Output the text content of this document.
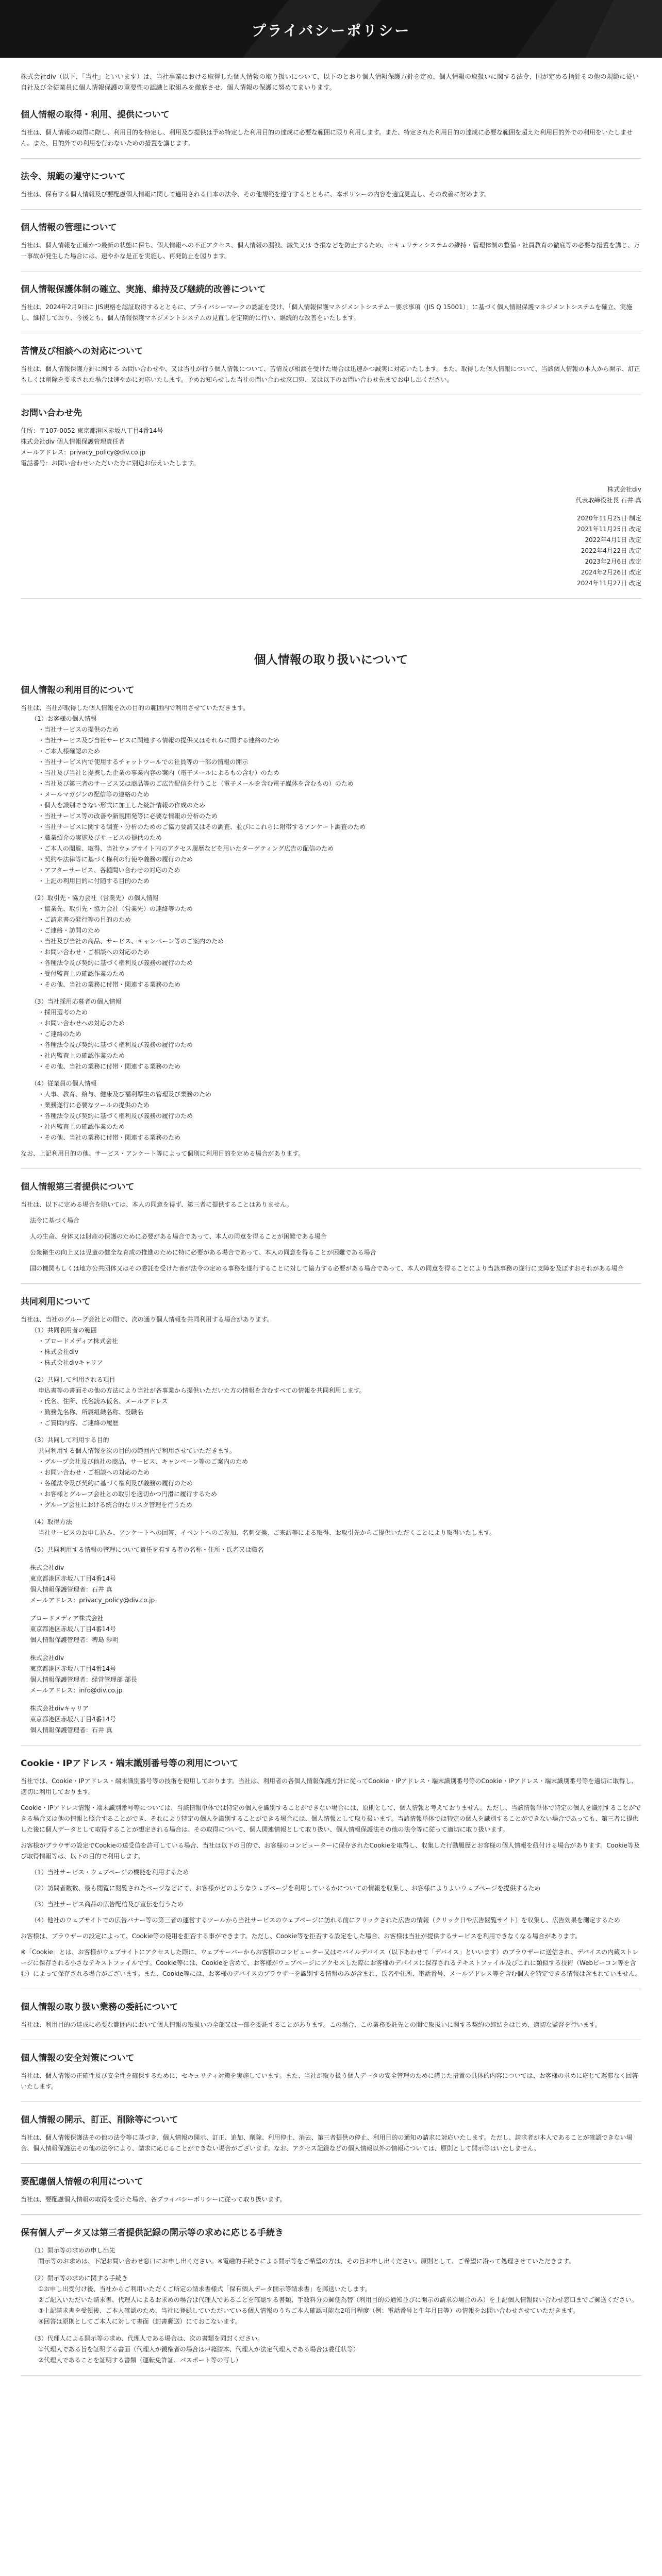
プライバシーポリシー

株式会社div（以下、「当社」といいます）は、当社事業における取得した個人情報の取り扱いについて、以下のとおり個人情報保護方針を定め、個人情報の取扱いに関する法令、国が定める指針その他の規範に従い自社及び全従業員に個人情報保護の重要性の認識と取組みを徹底させ、個人情報の保護に努めてまいります。

個人情報の取得・利用、提供について

当社は、個人情報の取得に際し、利用目的を特定し、利用及び提供は予め特定した利用目的の達成に必要な範囲に限り利用します。また、特定された利用目的の達成に必要な範囲を超えた利用目的外での利用をいたしません。また、目的外での利用を行わないための措置を講じます。

法令、規範の遵守について

当社は、保有する個人情報及び要配慮個人情報に関して適用される日本の法令、その他規範を遵守するとともに、本ポリシーの内容を適宜見直し、その改善に努めます。

個人情報の管理について

当社は、個人情報を正確かつ最新の状態に保ち、個人情報への不正アクセス、個人情報の漏洩、滅失又は き損などを防止するため、セキュリティシステムの維持・管理体制の整備・社員教育の徹底等の必要な措置を講じ、万一事故が発生した場合には、速やかな是正を実施し、再発防止を図ります。

個人情報保護体制の確立、実施、維持及び継続的改善について

当社は、2024年2月9日に JIS規格を認証取得するとともに、プライバシーマークの認証を受け、「個人情報保護マネジメントシステム－要求事項（JIS Q 15001）」に基づく個人情報保護マネジメントシステムを確立、実施し、維持しており、今後とも、個人情報保護マネジメントシステムの見直しを定期的に行い、継続的な改善をいたします。

苦情及び相談への対応について

当社は、個人情報保護方針に関する お問い合わせや、又は当社が行う個人情報について、苦情及び相談を受けた場合は迅速かつ誠実に対応いたします。また、取得した個人情報について、当該個人情報の本人から開示、訂正もしくは削除を要求された場合は速やかに対応いたします。予めお知らせした当社の問い合わせ窓口宛、又は以下のお問い合わせ先までお申し出ください。

お問い合わせ先
住所：〒107-0052 東京都港区赤坂八丁目4番14号
株式会社div 個人情報保護管理責任者
メールアドレス：privacy_policy@div.co.jp
電話番号：お問い合わせいただいた方に別途お伝えいたします。
株式会社div
代表取締役社長 石井 真
2020年11月25日 制定
2021年11月25日 改定
2022年4月1日 改定
2022年4月22日 改定
2023年2月6日 改定
2024年2月26日 改定
2024年11月27日 改定
個人情報の取り扱いについて
個人情報の利用目的について

当社は、当社が取得した個人情報を次の目的の範囲内で利用させていただきます。

（1）お客様の個人情報
・当社サービスの提供のため
・当社サービス及び当社サービスに関連する情報の提供又はそれらに関する連絡のため
・ご本人様確認のため
・当社サービス内で使用するチャットツールでの社員等の一部の情報の開示
・当社及び当社と提携した企業の事業内容の案内（電子メールによるもの含む）のため
・当社及び第三者のサービス又は商品等のご広告配信を行うこと（電子メールを含む電子媒体を含むもの）のため
・メールマガジンの配信等の連絡のため
・個人を識別できない形式に加工した統計情報の作成のため
・当社サービス等の改善や新規開発等に必要な情報の分析のため
・当社サービスに関する調査・分析のためのご協力要請又はその調査、並びにこれらに附帯するアンケート調査のため
・職業紹介の実施及びサービスの提供のため
・ご本人の閲覧、取得、当社ウェブサイト内のアクセス履歴などを用いたターゲティング広告の配信のため
・契約や法律等に基づく権利の行使や義務の履行のため
・アフターサービス、各種問い合わせの対応のため
・上記の利用目的に付随する目的のため
（2）取引先・協力会社（営業先）の個人情報
・協業先、取引先・協力会社（営業先）の連絡等のため
・ご請求書の発行等の目的のため
・ご連絡・訪問のため
・当社及び当社の商品、サービス、キャンペーン等のご案内のため
・お問い合わせ・ご相談への対応のため
・各種法令及び契約に基づく権利及び義務の履行のため
・受付監査上の確認作業のため
・その他、当社の業務に付帯・関連する業務のため
（3）当社採用応募者の個人情報
・採用選考のため
・お問い合わせへの対応のため
・ご連絡のため
・各種法令及び契約に基づく権利及び義務の履行のため
・社内監査上の確認作業のため
・その他、当社の業務に付帯・関連する業務のため
（4）従業員の個人情報
・人事、教育、給与、健康及び福利厚生の管理及び業務のため
・業務遂行に必要なツールの提供のため
・各種法令及び契約に基づく権利及び義務の履行のため
・社内監査上の確認作業のため
・その他、当社の業務に付帯・関連する業務のため

なお、上記利用目的の他、サービス・アンケート等によって個別に利用目的を定める場合があります。

個人情報第三者提供について

当社は、以下に定める場合を除いては、本人の同意を得ず、第三者に提供することはありません。

法令に基づく場合

人の生命、身体又は財産の保護のために必要がある場合であって、本人の同意を得ることが困難である場合

公衆衛生の向上又は児童の健全な育成の推進のために特に必要がある場合であって、本人の同意を得ることが困難である場合

国の機関もしくは地方公共団体又はその委託を受けた者が法令の定める事務を遂行することに対して協力する必要がある場合であって、本人の同意を得ることにより当該事務の遂行に支障を及ぼすおそれがある場合

共同利用について

当社は、当社のグループ会社との間で、次の通り個人情報を共同利用する場合があります。

（1）共同利用者の範囲
・ブロードメディア株式会社
・株式会社div
・株式会社divキャリア
（2）共同して利用される項目
申込書等の書面その他の方法により当社が各事業から提供いただいた方の情報を含むすべての情報を共同利用します。
・氏名、住所、氏名読み仮名、メールアドレス
・勤務先名称、所属組織名称、役職名
・ご質問内容、ご連絡の履歴
（3）共同して利用する目的
共同利用する個人情報を次の目的の範囲内で利用させていただきます。
・グループ会社及び他社の商品、サービス、キャンペーン等のご案内のため
・お問い合わせ・ご相談への対応のため
・各種法令及び契約に基づく権利及び義務の履行のため
・お客様とグループ会社との取引を適切かつ円滑に履行するため
・グループ会社における統合的なリスク管理を行うため
（4）取得方法
当社サービスのお申し込み、アンケートへの回答、イベントへのご参加、名刺交換、ご来訪等による取得、お取引先からご提供いただくことにより取得いたします。
（5）共同利用する情報の管理について責任を有する者の名称・住所・氏名又は職名
株式会社div
東京都港区赤坂八丁目4番14号
個人情報保護管理者：石井 真
メールアドレス：privacy_policy@div.co.jp
ブロードメディア株式会社
東京都港区赤坂八丁目4番14号
個人情報保護管理者：稗島 渉明
株式会社div
東京都港区赤坂八丁目4番14号
個人情報保護管理者：経営管理部 部長
メールアドレス：info@div.co.jp
株式会社divキャリア
東京都港区赤坂八丁目4番14号
個人情報保護管理者：石井 真
Cookie・IPアドレス・端末識別番号等の利用について

当社では、Cookie・IPアドレス・端末識別番号等の技術を使用しております。当社は、利用者の各個人情報保護方針に従ってCookie・IPアドレス・端末識別番号等のCookie・IPアドレス・端末識別番号等を適切に取得し、適切に利用しております。

Cookie・IPアドレス情報・端末識別番号等については、当該情報単体では特定の個人を識別することができない場合には、原則として、個人情報と考えておりません。ただし、当該情報単体で特定の個人を識別することができる場合又は他の情報と照合することができ、それにより特定の個人を識別することができる場合には、個人情報として取り扱います。当該情報単体では特定の個人を識別することができない場合であっても、第三者に提供した後に個人データとして取得することが想定される場合は、その取得について、個人関連情報として取り扱い、個人情報保護法その他の法令等に従って適切に取り扱います。

お客様がブラウザの設定でCookieの送受信を許可している場合、当社は以下の目的で、お客様のコンピューターに保存されたCookieを取得し、収集した行動履歴とお客様の個人情報を紐付ける場合があります。Cookie等及び取得情報等は、以下の目的で利用します。

（1）当社サービス・ウェブページの機能を利用するため
（2）訪問者数数、最も閲覧に閲覧されたページなどにて、お客様がどのようなウェブページを利用しているかについての情報を収集し、お客様によりよいウェブページを提供するため
（3）当社サービス商品の広告配信及び宣伝を行うため
（4）他社のウェブサイトでの広告バナー等の第三者の運営するツールから当社サービスのウェブページに訪れる前にクリックされた広告の情報（クリック日や広告閲覧サイト）を収集し、広告効果を測定するため

お客様は、ブラウザーの設定によって、Cookie等の使用を拒否する事ができます。ただし、Cookie等を拒否する設定をした場合、お客様は当社が提供するサービスを利用できなくなる場合があります。

※「Cookie」とは、お客様がウェブサイトにアクセスした際に、ウェブサーバーからお客様のコンピューター又はモバイルデバイス（以下あわせて「デバイス」といいます）のブラウザーに送信され、デバイスの内蔵ストレージに保存される小さなテキストファイルです。Cookie等には、Cookieを含めて、お客様がウェブページにアクセスした際にお客様のデバイスに保存されるテキストファイル及びこれに類似する技術（Webビーコン等を含む）によって保存される場合がございます。また、Cookie等には、お客様のデバイスのブラウザーを識別する情報のみが含まれ、氏名や住所、電話番号、メールアドレス等を含む個人を特定できる情報は含まれていません。

個人情報の取り扱い業務の委託について

当社は、利用目的の達成に必要な範囲内において個人情報の取扱いの全部又は一部を委託することがあります。この場合、この業務委託先との間で取扱いに関する契約の締結をはじめ、適切な監督を行います。

個人情報の安全対策について

当社は、個人情報の正確性及び安全性を確保するために、セキュリティ対策を実施しています。また、当社が取り扱う個人データの安全管理のために講じた措置の具体的内容については、お客様の求めに応じて遅滞なく回答いたします。

個人情報の開示、訂正、削除等について

当社は、個人情報保護法その他の法令等に基づき、個人情報の開示、訂正、追加、削除、利用停止、消去、第三者提供の停止、利用目的の通知の請求に対応いたします。ただし、請求者が本人であることが確認できない場合、個人情報保護法その他の法令により、請求に応じることができない場合がございます。なお、アクセス記録などの個人情報以外の情報については、原則として開示等はいたしません。

要配慮個人情報の利用について

当社は、要配慮個人情報の取得を受けた場合、各プライバシーポリシーに従って取り扱います。

保有個人データ又は第三者提供記録の開示等の求めに応じる手続き
（1）開示等の求めの申し出先
開示等のお求めは、下記お問い合わせ窓口にお申し出ください。※電磁的手続きによる開示等をご希望の方は、その旨お申し出ください。原則として、ご希望に沿って処理させていただきます。
（2）開示等の求めに関する手続き
①お申し出受付け後、当社からご利用いただくご所定の請求書様式「保有個人データ開示等請求書」を郵送いたします。
②ご記入いただいた請求書、代理人によるお求めの場合は代理人であることを確認する書類、手数料分の郵便為替（利用目的の通知並びに開示の請求の場合のみ）を上記個人情報問い合わせ窓口までご郵送ください。
③上記請求書を受領後、ご本人確認のため、当社に登録していただいている個人情報のうちご本人確認可能な2項目程度（例：電話番号と生年月日等）の情報をお問い合わせさせていただきます。
④回答は原則としてご本人に対して書面（封書郵送）にておこないます。
（3）代理人による開示等の求め、代理人である場合は、次の書類を同封ください。
①代理人である旨を証明する書面（代理人が親権者の場合は戸籍謄本、代理人が法定代理人である場合は委任状等）
②代理人であることを証明する書類（運転免許証、パスポート等の写し）
